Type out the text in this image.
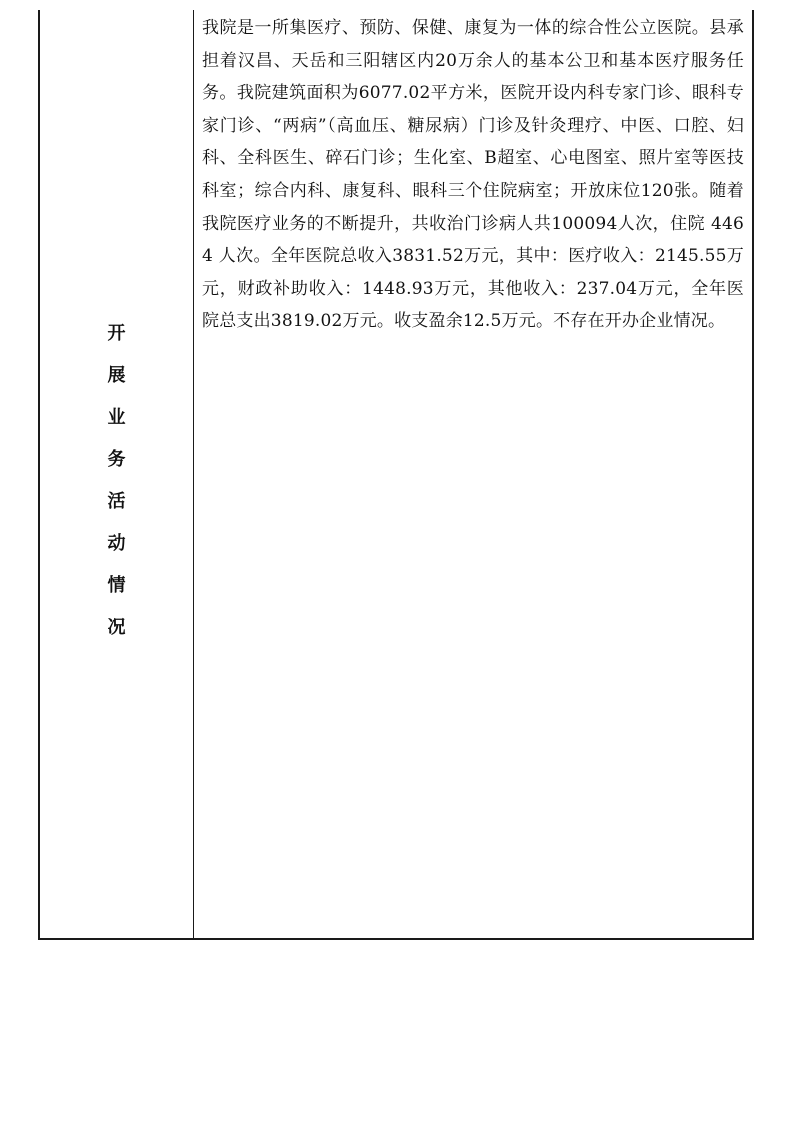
开
展
业
务
活
动
情
况

我院是一所集医疗、预防、保健、康复为一体的综合性公立医院。县承担着汉昌、天岳和三阳辖区内20万余人的基本公卫和基本医疗服务任务。我院建筑面积为6077.02平方米，医院开设内科专家门诊、眼科专家门诊、“两病”（高血压、糖尿病）门诊及针灸理疗、中医、口腔、妇科、全科医生、碎石门诊；生化室、B超室、心电图室、照片室等医技科室；综合内科、康复科、眼科三个住院病室；开放床位120张。随着我院医疗业务的不断提升，共收治门诊病人共100094人次，住院 4464 人次。全年医院总收入3831.52万元，其中：医疗收入：2145.55万元，财政补助收入：1448.93万元，其他收入：237.04万元，全年医院总支出3819.02万元。收支盈余12.5万元。不存在开办企业情况。
